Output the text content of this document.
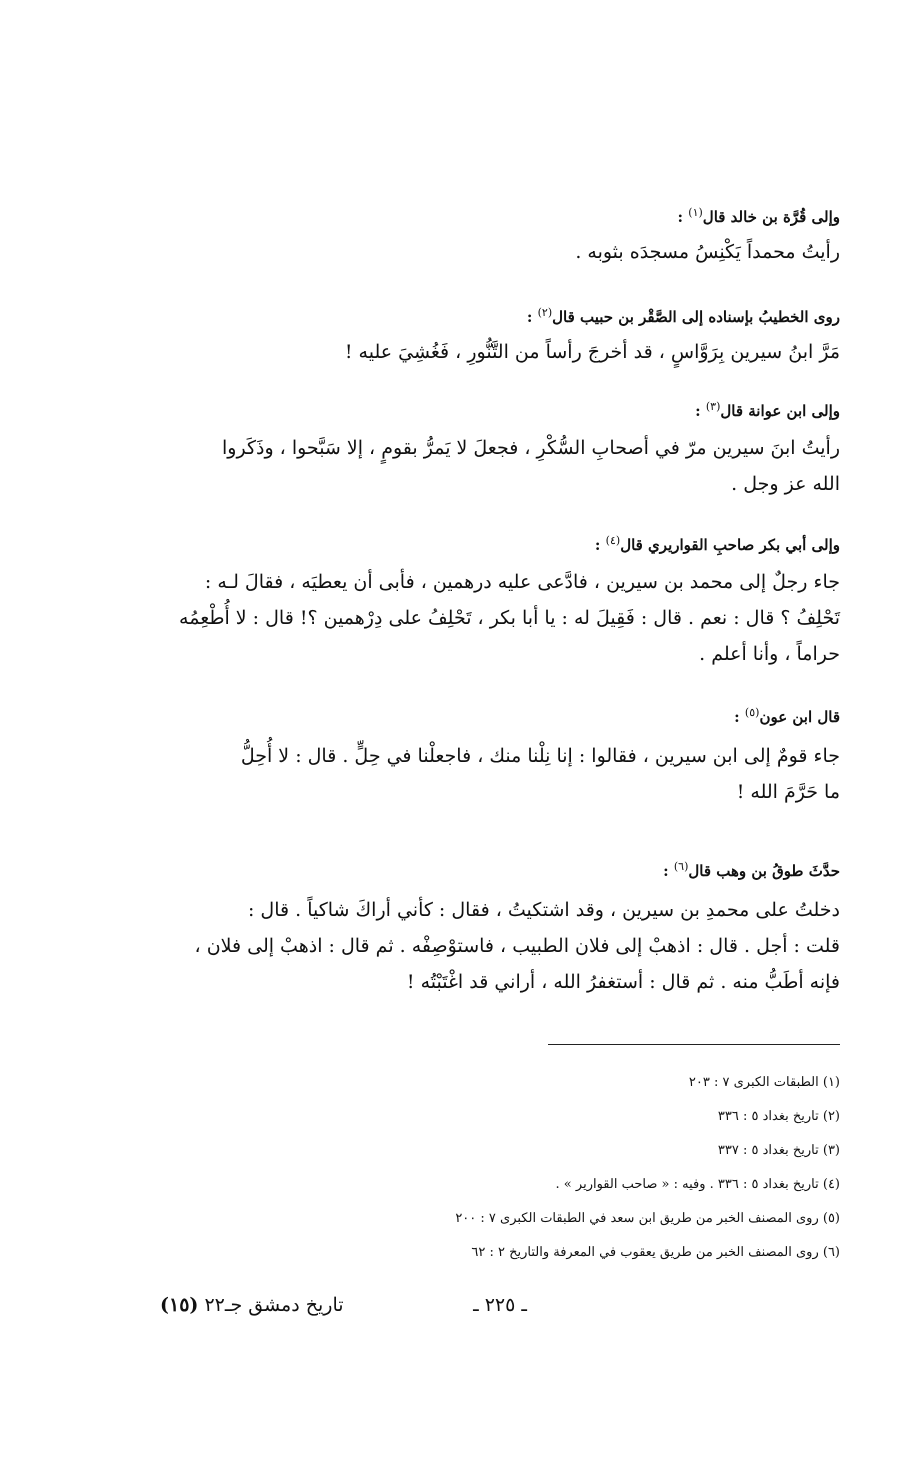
وإلى قُرَّة بن خالد قال$^{(١)}$ :
رأيتُ محمداً يَكْنِسُ مسجدَه بثوبه .
روى الخطيبُ بإسناده إلى الصَّقْر بن حبيب قال$^{(٢)}$ :
مَرَّ ابنُ سيرين بِرَوَّاسٍ ، قد أخرجَ رأساً من التَّنُّورِ ، فَغُشِيَ عليه !
وإلى ابن عوانة قال$^{(٣)}$ :
رأيتُ ابنَ سيرين مرّ في أصحابِ السُّكْرِ ، فجعلَ لا يَمرُّ بقومٍ ، إلا سَبَّحوا ، وذَكَروا
الله عز وجل .
وإلى أبي بكر صاحبِ القواريري قال$^{(٤)}$ :
جاء رجلٌ إلى محمد بن سيرين ، فادَّعى عليه درهمين ، فأبى أن يعطيَه ، فقالَ لـه :
تَحْلِفُ ؟ قال : نعم . قال : فَقِيلَ له : يا أبا بكر ، تَحْلِفُ على دِرْهمين ؟! قال : لا أُطْعِمُه
حراماً ، وأنا أعلم .
قال ابن عون$^{(٥)}$ :
جاء قومٌ إلى ابن سيرين ، فقالوا : إنا نِلْنا منك ، فاجعلْنا في حِلٍّ . قال : لا أُحِلُّ
ما حَرَّمَ الله !
حدَّثَ طوقُ بن وهب قال$^{(٦)}$ :
دخلتُ على محمدِ بن سيرين ، وقد اشتكيتُ ، فقال : كأني أراكَ شاكياً . قال :
قلت : أجل . قال : اذهبْ إلى فلان الطبيب ، فاستوْصِفْه . ثم قال : اذهبْ إلى فلان ،
فإنه أطَبُّ منه . ثم قال : أستغفرُ الله ، أراني قد اغْتَبْتُه !
(١) الطبقات الكبرى ٧ : ٢٠٣
(٢) تاريخ بغداد ٥ : ٣٣٦
(٣) تاريخ بغداد ٥ : ٣٣٧
(٤) تاريخ بغداد ٥ : ٣٣٦ . وفيه : « صاحب القوارير » .
(٥) روى المصنف الخبر من طريق ابن سعد في الطبقات الكبرى ٧ : ٢٠٠
(٦) روى المصنف الخبر من طريق يعقوب في المعرفة والتاريخ ٢ : ٦٢
تاريخ دمشق جـ٢٢ (١٥)	ـ ٢٢٥ ـ
